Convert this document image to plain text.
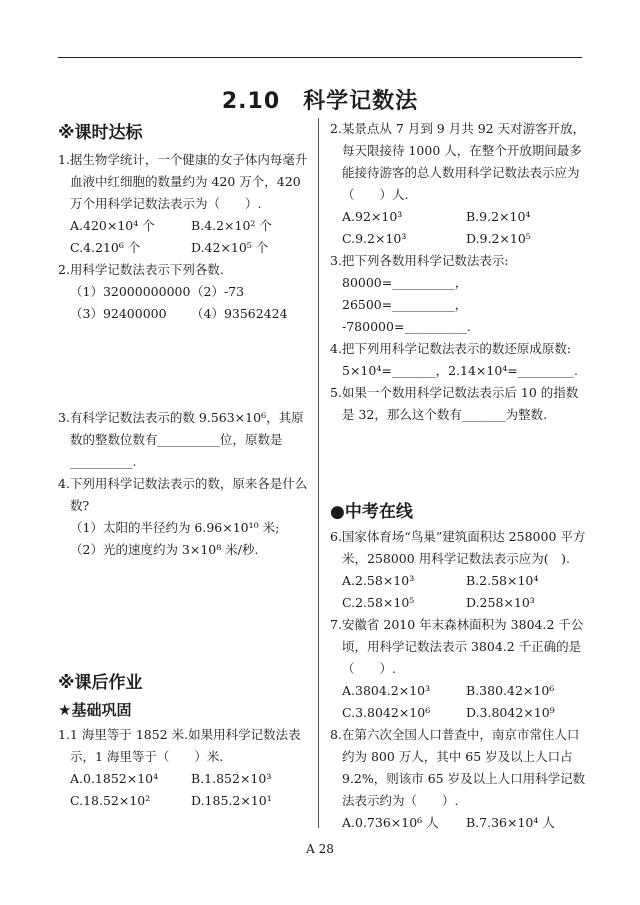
2.10　科学记数法
※课时达标
1.据生物学统计，一个健康的女子体内每毫升血液中红细胞的数量约为 420 万个，420万个用科学记数法表示为（　　）.
A.420×10⁴ 个	B.4.2×10² 个
C.4.210⁶ 个	D.42×10⁵ 个
2.用科学记数法表示下列各数.
（1）32000000000 （2）-73
（3）92400000	（4）93562424
3.有科学记数法表示的数 9.563×10⁶，其原数的整数位数有__________位，原数是__________.
4.下列用科学记数法表示的数，原来各是什么数?
（1）太阳的半径约为 6.96×10¹⁰ 米;
（2）光的速度约为 3×10⁸ 米/秒.
※课后作业
★基础巩固
1.1 海里等于 1852 米.如果用科学记数法表示，1 海里等于（　　）米.
A.0.1852×10⁴	B.1.852×10³
C.18.52×10²	D.185.2×10¹
2.某景点从 7 月到 9 月共 92 天对游客开放，每天限接待 1000 人，在整个开放期间最多能接待游客的总人数用科学记数法表示应为（　　）人.
A.92×10³	B.9.2×10⁴
C.9.2×10³	D.9.2×10⁵
3.把下列各数用科学记数法表示:
80000=__________，26500=__________，
-780000=__________.
4.把下列用科学记数法表示的数还原成原数:
5×10⁴=_______，2.14×10⁴=_________.
5.如果一个数用科学记数法表示后 10 的指数是 32，那么这个数有_______为整数.
●中考在线
6.国家体育场“鸟巢”建筑面积达 258000 平方米，258000 用科学记数法表示应为(　).
A.2.58×10³	B.2.58×10⁴
C.2.58×10⁵	D.258×10³
7.安徽省 2010 年末森林面积为 3804.2 千公顷，用科学记数法表示 3804.2 千正确的是（　　）.
A.3804.2×10³	B.380.42×10⁶
C.3.8042×10⁶	D.3.8042×10⁹
8.在第六次全国人口普查中，南京市常住人口约为 800 万人，其中 65 岁及以上人口占9.2%，则该市 65 岁及以上人口用科学记数法表示约为（　　）.
A.0.736×10⁶ 人	B.7.36×10⁴ 人
A 28
